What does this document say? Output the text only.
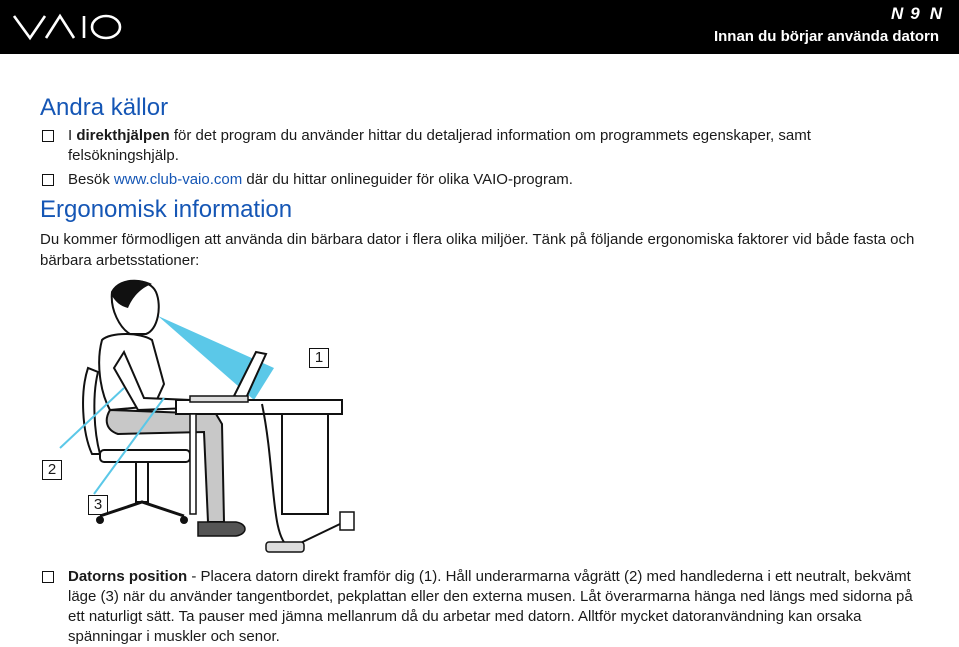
N 9 N
Innan du börjar använda datorn
Andra källor
I direkthjälpen för det program du använder hittar du detaljerad information om programmets egenskaper, samt felsökningshjälp.
Besök www.club-vaio.com där du hittar onlineguider för olika VAIO-program.
Ergonomisk information
Du kommer förmodligen att använda din bärbara dator i flera olika miljöer. Tänk på följande ergonomiska faktorer vid både fasta och bärbara arbetsstationer:
1
2
3
Datorns position - Placera datorn direkt framför dig (1). Håll underarmarna vågrätt (2) med handlederna i ett neutralt, bekvämt läge (3) när du använder tangentbordet, pekplattan eller den externa musen. Låt överarmarna hänga ned längs med sidorna på ett naturligt sätt. Ta pauser med jämna mellanrum då du arbetar med datorn. Alltför mycket datoranvändning kan orsaka spänningar i muskler och senor.
